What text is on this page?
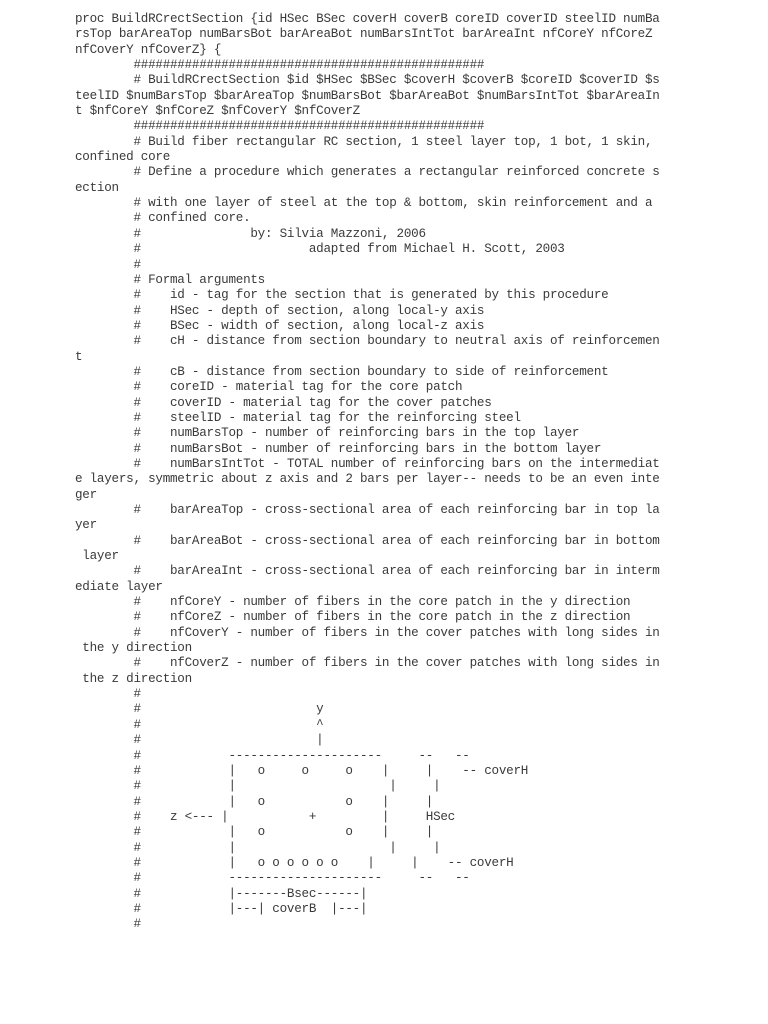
proc BuildRCrectSection {id HSec BSec coverH coverB coreID coverID steelID numBa
rsTop barAreaTop numBarsBot barAreaBot numBarsIntTot barAreaInt nfCoreY nfCoreZ
nfCoverY nfCoverZ} {
################################################
# BuildRCrectSection $id $HSec $BSec $coverH $coverB $coreID $coverID $s
teelID $numBarsTop $barAreaTop $numBarsBot $barAreaBot $numBarsIntTot $barAreaIn
t $nfCoreY $nfCoreZ $nfCoverY $nfCoverZ
################################################
# Build fiber rectangular RC section, 1 steel layer top, 1 bot, 1 skin,
confined core
# Define a procedure which generates a rectangular reinforced concrete s
ection
# with one layer of steel at the top & bottom, skin reinforcement and a
# confined core.
#               by: Silvia Mazzoni, 2006
#                       adapted from Michael H. Scott, 2003
#
# Formal arguments
#    id - tag for the section that is generated by this procedure
#    HSec - depth of section, along local-y axis
#    BSec - width of section, along local-z axis
#    cH - distance from section boundary to neutral axis of reinforcemen
t
#    cB - distance from section boundary to side of reinforcement
#    coreID - material tag for the core patch
#    coverID - material tag for the cover patches
#    steelID - material tag for the reinforcing steel
#    numBarsTop - number of reinforcing bars in the top layer
#    numBarsBot - number of reinforcing bars in the bottom layer
#    numBarsIntTot - TOTAL number of reinforcing bars on the intermediat
e layers, symmetric about z axis and 2 bars per layer-- needs to be an even inte
ger
#    barAreaTop - cross-sectional area of each reinforcing bar in top la
yer
#    barAreaBot - cross-sectional area of each reinforcing bar in bottom
layer
#    barAreaInt - cross-sectional area of each reinforcing bar in interm
ediate layer
#    nfCoreY - number of fibers in the core patch in the y direction
#    nfCoreZ - number of fibers in the core patch in the z direction
#    nfCoverY - number of fibers in the cover patches with long sides in
the y direction
#    nfCoverZ - number of fibers in the cover patches with long sides in
the z direction
#
#                        y
#                        ^
#                        |
#            ---------------------     --   --
#            |   o     o     o    |     |    -- coverH
#            |                     |     |
#            |   o           o    |     |
#    z <--- |           +         |     HSec
#            |   o           o    |     |
#            |                     |     |
#            |   o o o o o o    |     |    -- coverH
#            ---------------------     --   --
#            |-------Bsec------|
#            |---| coverB  |---|
#
